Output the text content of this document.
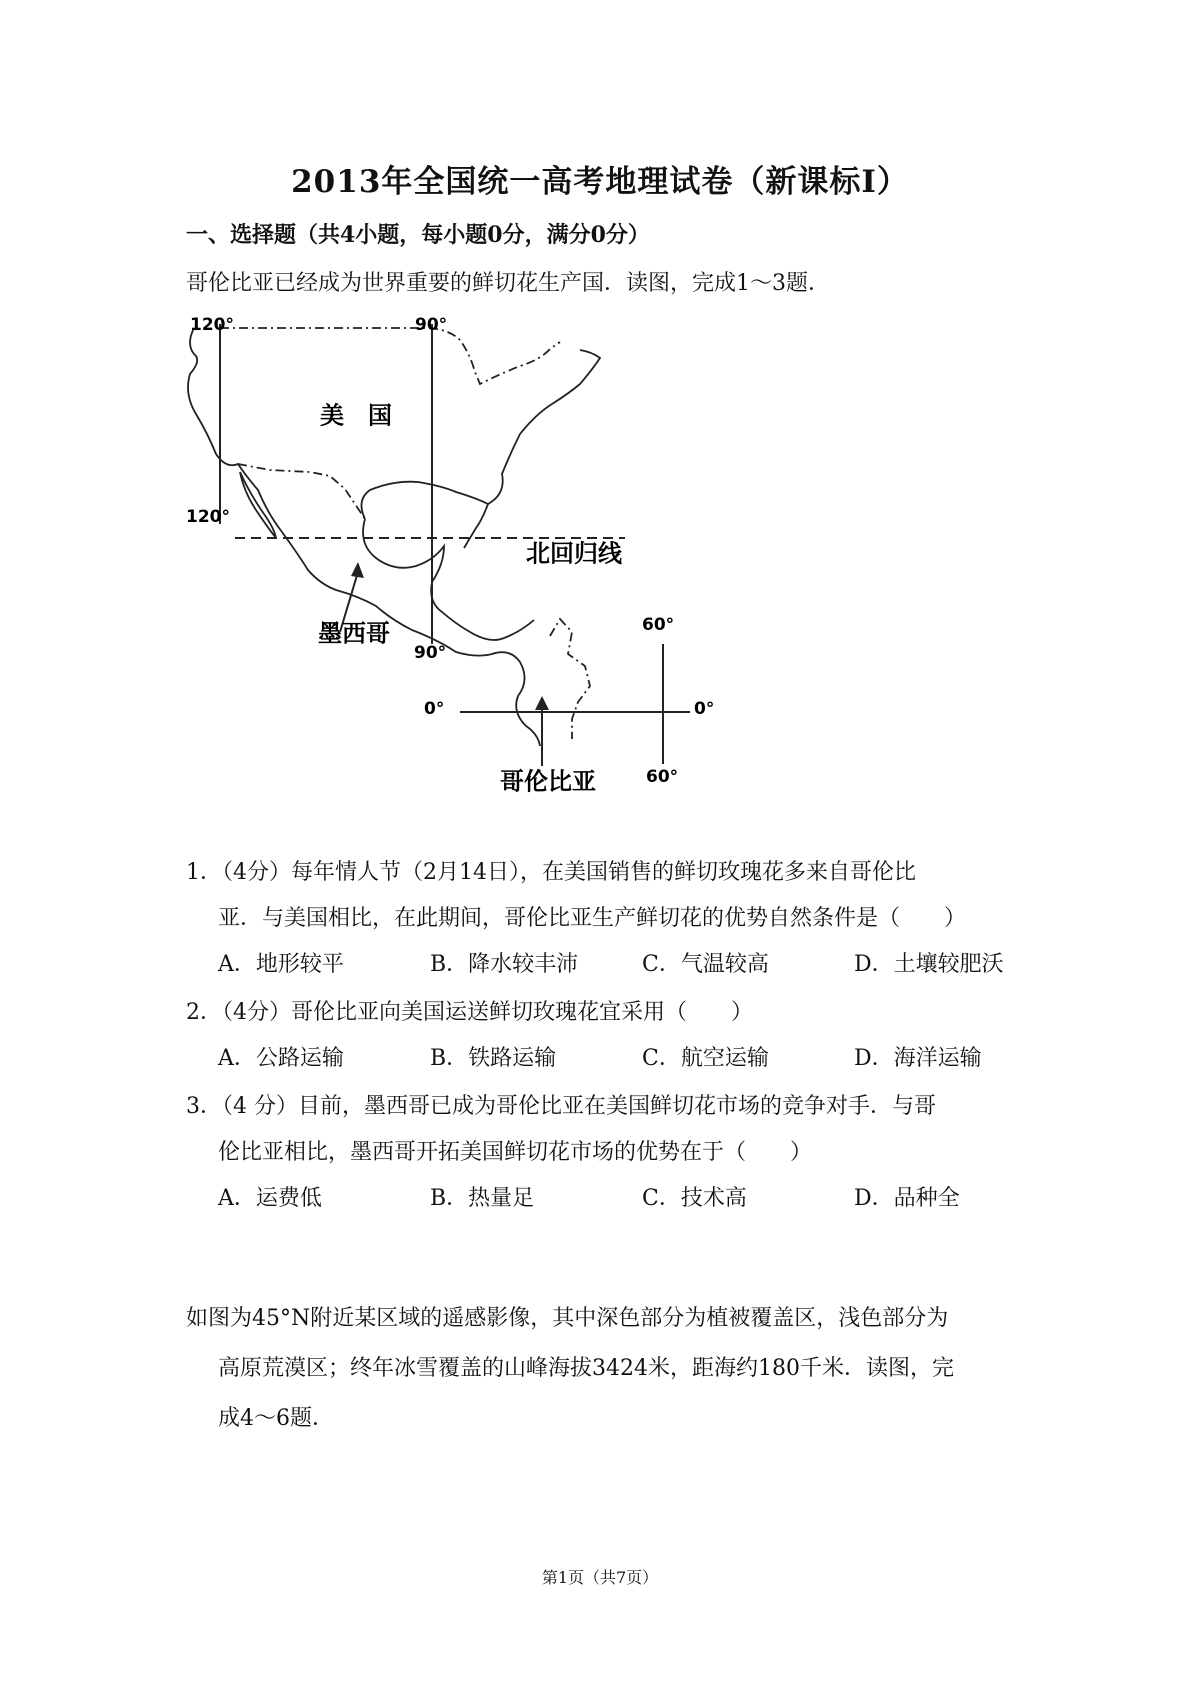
2013年全国统一高考地理试卷（新课标Ⅰ）
一、选择题（共4小题，每小题0分，满分0分）
哥伦比亚已经成为世界重要的鲜切花生产国．读图，完成1～3题．
120°	90°
120°
90°
60°
60°
0°	0°
美　国
北回归线
墨西哥
哥伦比亚
1．（4分）每年情人节（2月14日），在美国销售的鲜切玫瑰花多来自哥伦比
亚．与美国相比，在此期间，哥伦比亚生产鲜切花的优势自然条件是（　　）
A．地形较平	B．降水较丰沛	C．气温较高	D．土壤较肥沃
2．（4分）哥伦比亚向美国运送鲜切玫瑰花宜采用（　　）
A．公路运输	B．铁路运输	C．航空运输	D．海洋运输
3．（4 分）目前，墨西哥已成为哥伦比亚在美国鲜切花市场的竞争对手．与哥
伦比亚相比，墨西哥开拓美国鲜切花市场的优势在于（　　）
A．运费低	B．热量足	C．技术高	D．品种全
如图为45°N附近某区域的遥感影像，其中深色部分为植被覆盖区，浅色部分为
高原荒漠区；终年冰雪覆盖的山峰海拔3424米，距海约180千米．读图，完
成4～6题．
第1页（共7页）
